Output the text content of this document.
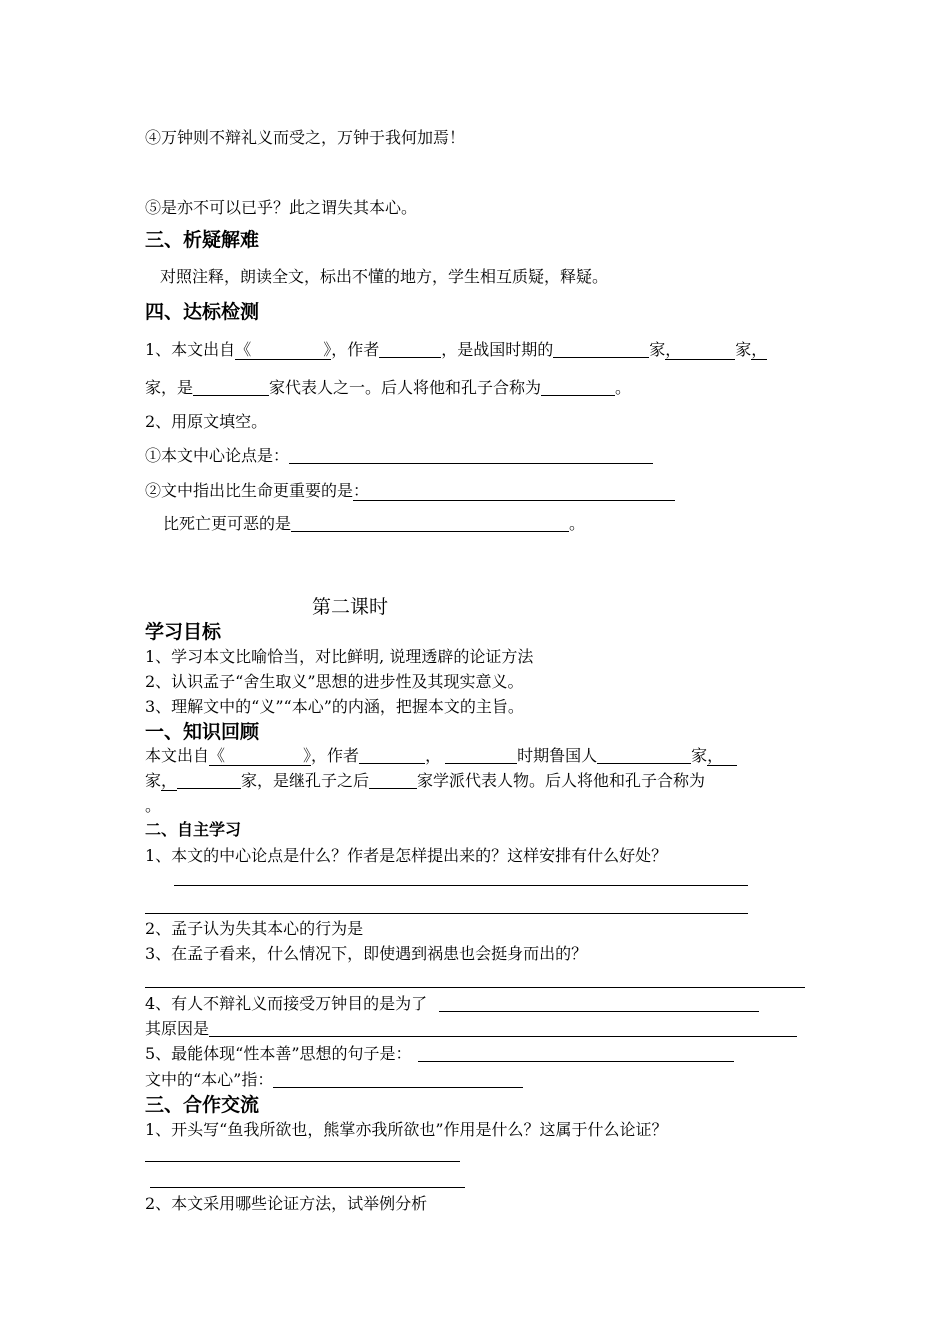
④万钟则不辩礼义而受之，万钟于我何加焉！
⑤是亦不可以已乎？此之谓失其本心。
三、析疑解难
对照注释，朗读全文，标出不懂的地方，学生相互质疑，释疑。
四、达标检测
1、本文出自《	》，作者	，是战国时期的	家，	家，
家，是	家代表人之一。后人将他和孔子合称为	。
2、用原文填空。
①本文中心论点是：
②文中指出比生命更重要的是：
比死亡更可恶的是	。
第二课时
学习目标
1、学习本文比喻恰当，对比鲜明, 说理透辟的论证方法
2、认识孟子“舍生取义”思想的进步性及其现实意义。
3、理解文中的“义”“本心”的内涵，把握本文的主旨。
一、知识回顾
本文出自《	》，作者	，	时期鲁国人	家，
家，	家，是继孔子之后	家学派代表人物。后人将他和孔子合称为
。
二、自主学习
1、本文的中心论点是什么？作者是怎样提出来的？这样安排有什么好处？
2、孟子认为失其本心的行为是
3、在孟子看来，什么情况下，即使遇到祸患也会挺身而出的？
4、有人不辩礼义而接受万钟目的是为了
其原因是
5、最能体现“性本善”思想的句子是：
文中的“本心”指：
三、合作交流
1、开头写“鱼我所欲也，熊掌亦我所欲也”作用是什么？这属于什么论证？
2、本文采用哪些论证方法，试举例分析
